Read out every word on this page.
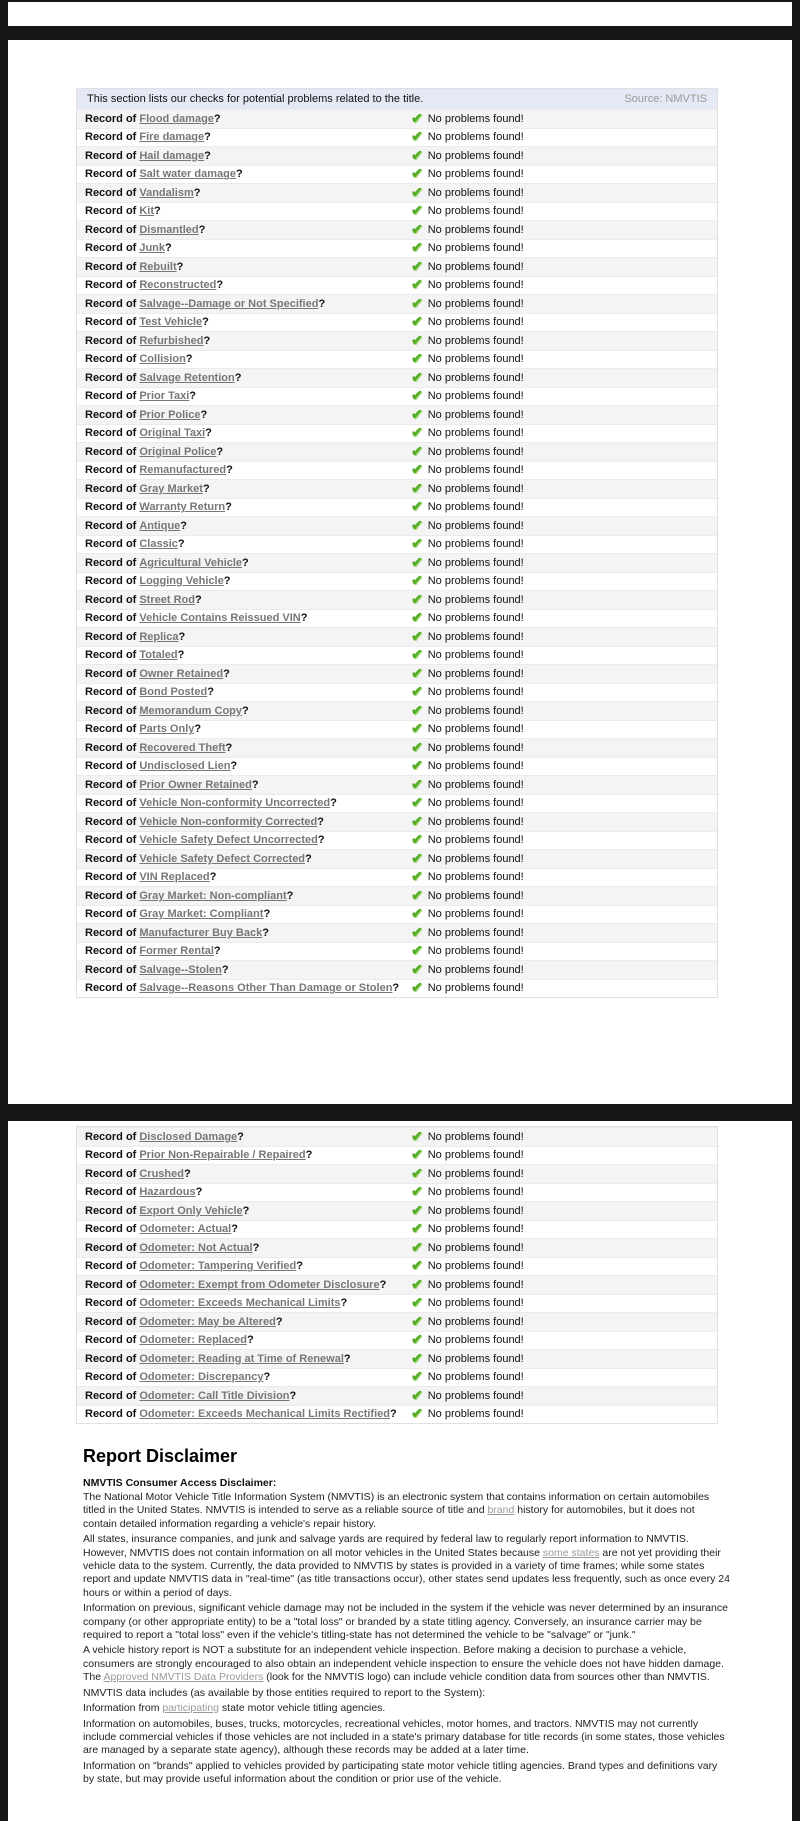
This section lists our checks for potential problems related to the title.	Source: NMVTIS
Record of Flood damage?	✔ No problems found!
Record of Fire damage?	✔ No problems found!
Record of Hail damage?	✔ No problems found!
Record of Salt water damage?	✔ No problems found!
Record of Vandalism?	✔ No problems found!
Record of Kit?	✔ No problems found!
Record of Dismantled?	✔ No problems found!
Record of Junk?	✔ No problems found!
Record of Rebuilt?	✔ No problems found!
Record of Reconstructed?	✔ No problems found!
Record of Salvage--Damage or Not Specified?	✔ No problems found!
Record of Test Vehicle?	✔ No problems found!
Record of Refurbished?	✔ No problems found!
Record of Collision?	✔ No problems found!
Record of Salvage Retention?	✔ No problems found!
Record of Prior Taxi?	✔ No problems found!
Record of Prior Police?	✔ No problems found!
Record of Original Taxi?	✔ No problems found!
Record of Original Police?	✔ No problems found!
Record of Remanufactured?	✔ No problems found!
Record of Gray Market?	✔ No problems found!
Record of Warranty Return?	✔ No problems found!
Record of Antique?	✔ No problems found!
Record of Classic?	✔ No problems found!
Record of Agricultural Vehicle?	✔ No problems found!
Record of Logging Vehicle?	✔ No problems found!
Record of Street Rod?	✔ No problems found!
Record of Vehicle Contains Reissued VIN?	✔ No problems found!
Record of Replica?	✔ No problems found!
Record of Totaled?	✔ No problems found!
Record of Owner Retained?	✔ No problems found!
Record of Bond Posted?	✔ No problems found!
Record of Memorandum Copy?	✔ No problems found!
Record of Parts Only?	✔ No problems found!
Record of Recovered Theft?	✔ No problems found!
Record of Undisclosed Lien?	✔ No problems found!
Record of Prior Owner Retained?	✔ No problems found!
Record of Vehicle Non-conformity Uncorrected?	✔ No problems found!
Record of Vehicle Non-conformity Corrected?	✔ No problems found!
Record of Vehicle Safety Defect Uncorrected?	✔ No problems found!
Record of Vehicle Safety Defect Corrected?	✔ No problems found!
Record of VIN Replaced?	✔ No problems found!
Record of Gray Market: Non-compliant?	✔ No problems found!
Record of Gray Market: Compliant?	✔ No problems found!
Record of Manufacturer Buy Back?	✔ No problems found!
Record of Former Rental?	✔ No problems found!
Record of Salvage--Stolen?	✔ No problems found!
Record of Salvage--Reasons Other Than Damage or Stolen? ✔ No problems found!
Record of Disclosed Damage?	✔ No problems found!
Record of Prior Non-Repairable / Repaired?	✔ No problems found!
Record of Crushed?	✔ No problems found!
Record of Hazardous?	✔ No problems found!
Record of Export Only Vehicle?	✔ No problems found!
Record of Odometer: Actual?	✔ No problems found!
Record of Odometer: Not Actual?	✔ No problems found!
Record of Odometer: Tampering Verified?	✔ No problems found!
Record of Odometer: Exempt from Odometer Disclosure?	✔ No problems found!
Record of Odometer: Exceeds Mechanical Limits?	✔ No problems found!
Record of Odometer: May be Altered?	✔ No problems found!
Record of Odometer: Replaced?	✔ No problems found!
Record of Odometer: Reading at Time of Renewal?	✔ No problems found!
Record of Odometer: Discrepancy?	✔ No problems found!
Record of Odometer: Call Title Division?	✔ No problems found!
Record of Odometer: Exceeds Mechanical Limits Rectified?	✔ No problems found!
Report Disclaimer
NMVTIS Consumer Access Disclaimer:

The National Motor Vehicle Title Information System (NMVTIS) is an electronic system that contains information on certain automobiles titled in the United States. NMVTIS is intended to serve as a reliable source of title and brand history for automobiles, but it does not contain detailed information regarding a vehicle's repair history.

All states, insurance companies, and junk and salvage yards are required by federal law to regularly report information to NMVTIS. However, NMVTIS does not contain information on all motor vehicles in the United States because some states are not yet providing their vehicle data to the system. Currently, the data provided to NMVTIS by states is provided in a variety of time frames; while some states report and update NMVTIS data in "real-time" (as title transactions occur), other states send updates less frequently, such as once every 24 hours or within a period of days.

Information on previous, significant vehicle damage may not be included in the system if the vehicle was never determined by an insurance company (or other appropriate entity) to be a "total loss" or branded by a state titling agency. Conversely, an insurance carrier may be required to report a "total loss" even if the vehicle's titling-state has not determined the vehicle to be "salvage" or "junk."

A vehicle history report is NOT a substitute for an independent vehicle inspection. Before making a decision to purchase a vehicle, consumers are strongly encouraged to also obtain an independent vehicle inspection to ensure the vehicle does not have hidden damage. The Approved NMVTIS Data Providers (look for the NMVTIS logo) can include vehicle condition data from sources other than NMVTIS.

NMVTIS data includes (as available by those entities required to report to the System):

Information from participating state motor vehicle titling agencies.

Information on automobiles, buses, trucks, motorcycles, recreational vehicles, motor homes, and tractors. NMVTIS may not currently include commercial vehicles if those vehicles are not included in a state's primary database for title records (in some states, those vehicles are managed by a separate state agency), although these records may be added at a later time.

Information on "brands" applied to vehicles provided by participating state motor vehicle titling agencies. Brand types and definitions vary by state, but may provide useful information about the condition or prior use of the vehicle.
